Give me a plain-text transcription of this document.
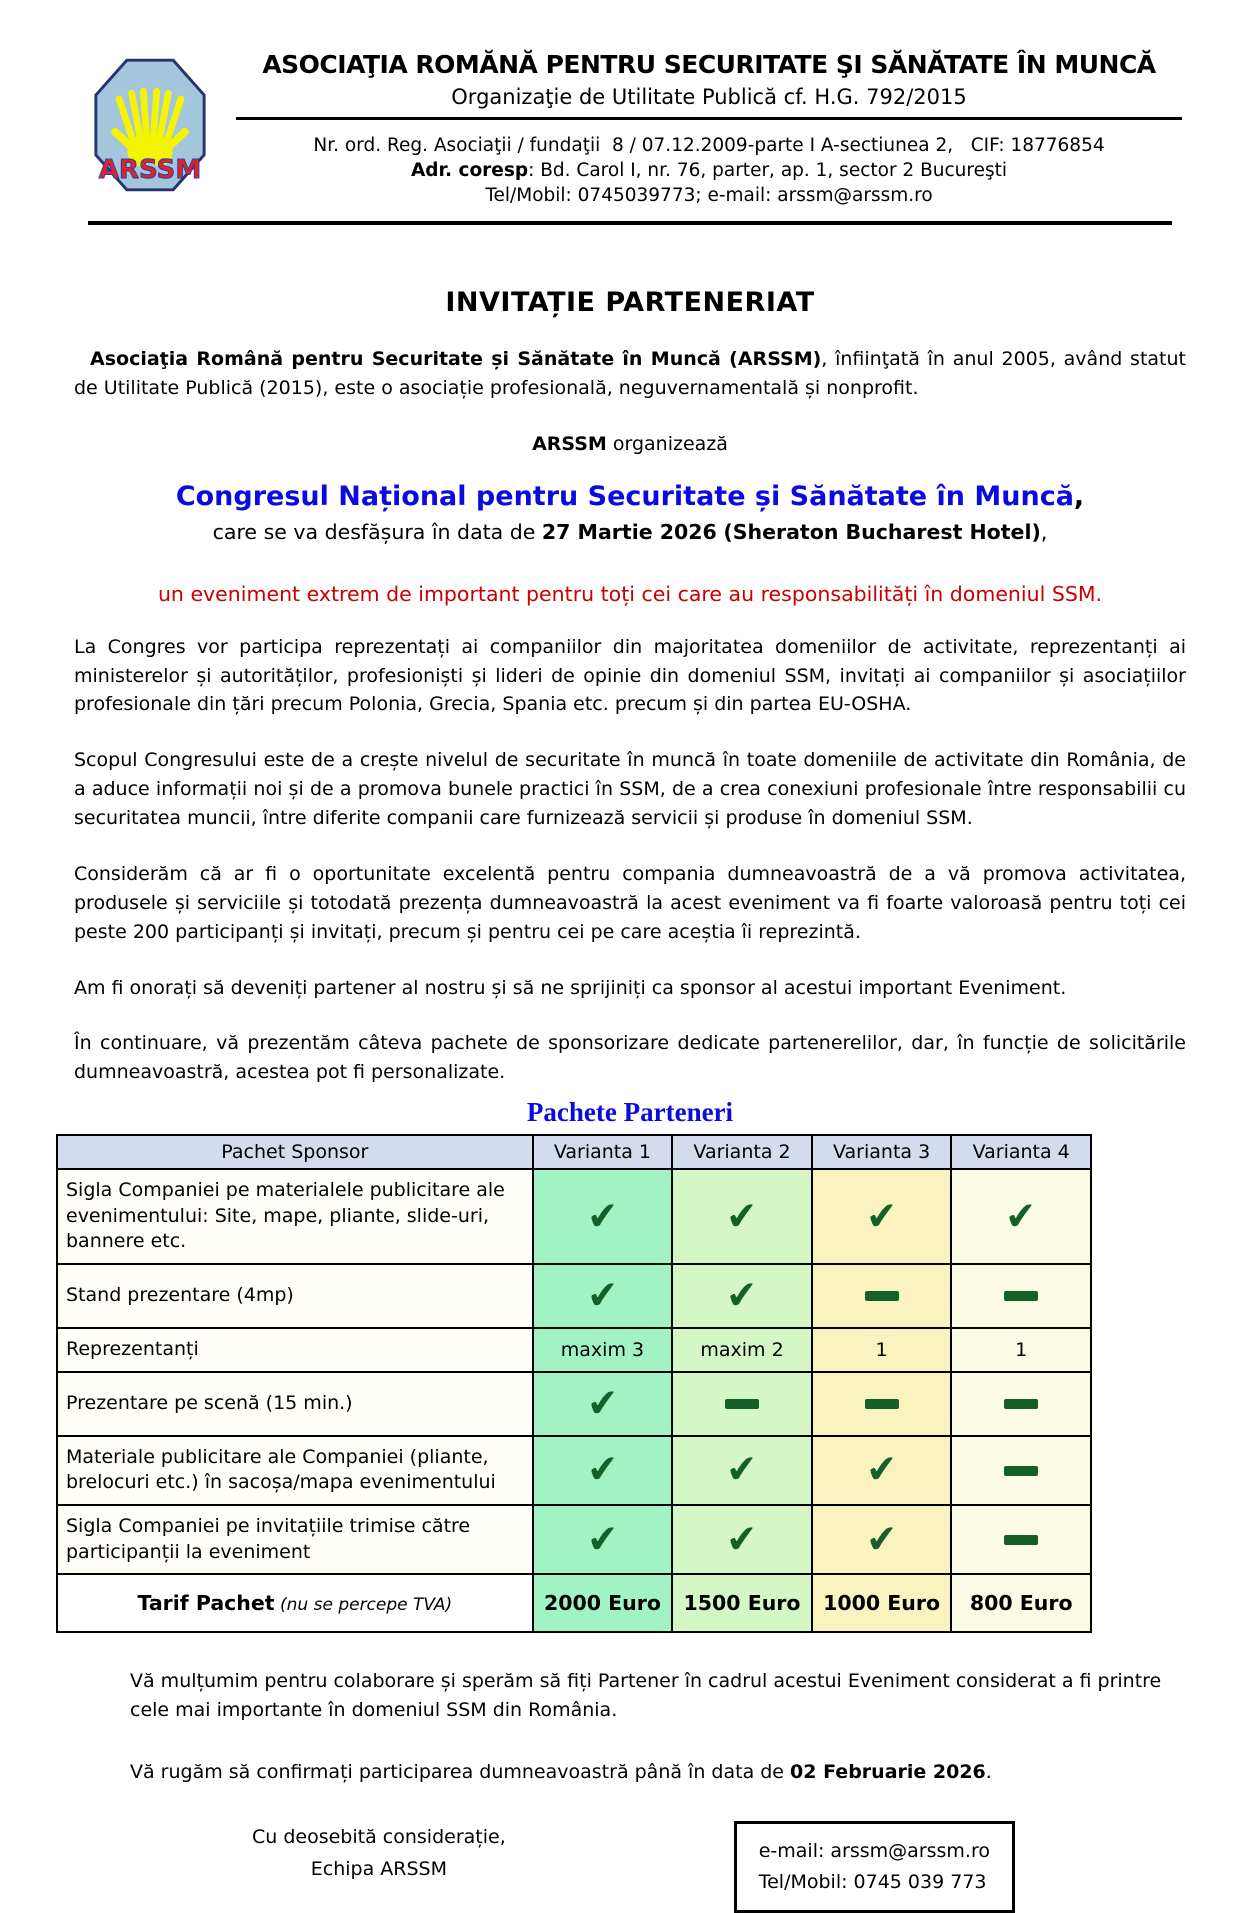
ARSSM
ASOCIAŢIA ROMĂNĂ PENTRU SECURITATE ŞI SĂNĂTATE ÎN MUNCĂ
Organizaţie de Utilitate Publică cf. H.G. 792/2015
Nr. ord. Reg. Asociaţii / fundaţii  8 / 07.12.2009-parte I A-sectiunea 2,   CIF: 18776854
Adr. coresp: Bd. Carol I, nr. 76, parter, ap. 1, sector 2 Bucureşti
Tel/Mobil: 0745039773; e-mail: arssm@arssm.ro
INVITAȚIE PARTENERIAT

Asociaţia Română pentru Securitate și Sănătate în Muncă (ARSSM), înfiinţată în anul 2005, având statut de Utilitate Publică (2015), este o asociație profesională, neguvernamentală și nonprofit.

ARSSM organizează
Congresul Național pentru Securitate și Sănătate în Muncă,
care se va desfășura în data de 27 Martie 2026 (Sheraton Bucharest Hotel),
un eveniment extrem de important pentru toți cei care au responsabilități în domeniul SSM.

La Congres vor participa reprezentați ai companiilor din majoritatea domeniilor de activitate, reprezentanți ai ministerelor și autorităților, profesioniști și lideri de opinie din domeniul SSM, invitați ai companiilor și asociațiilor profesionale din țări precum Polonia, Grecia, Spania etc. precum și din partea EU-OSHA.

Scopul Congresului este de a crește nivelul de securitate în muncă în toate domeniile de activitate din România, de a aduce informații noi și de a promova bunele practici în SSM, de a crea conexiuni profesionale între responsabilii cu securitatea muncii, între diferite companii care furnizează servicii și produse în domeniul SSM.

Considerăm că ar fi o oportunitate excelentă pentru compania dumneavoastră de a vă promova activitatea, produsele și serviciile și totodată prezența dumneavoastră la acest eveniment va fi foarte valoroasă pentru toți cei peste 200 participanți și invitați, precum și pentru cei pe care aceștia îi reprezintă.

Am fi onorați să deveniți partener al nostru și să ne sprijiniți ca sponsor al acestui important Eveniment.

În continuare, vă prezentăm câteva pachete de sponsorizare dedicate partenerelilor, dar, în funcție de solicitările dumneavoastră, acestea pot fi personalizate.

Pachete Parteneri
Pachet Sponsor	Varianta 1	Varianta 2	Varianta 3	Varianta 4
Sigla Companiei pe materialele publicitare ale evenimentului: Site, mape, pliante, slide-uri, bannere etc.	✔	✔	✔	✔
Stand prezentare (4mp)	✔	✔		
Reprezentanți	maxim 3	maxim 2	1	1
Prezentare pe scenă (15 min.)	✔			
Materiale publicitare ale Companiei (pliante, brelocuri etc.) în sacoșa/mapa evenimentului	✔	✔	✔	
Sigla Companiei pe invitațiile trimise către participanții la eveniment	✔	✔	✔	
Tarif Pachet (nu se percepe TVA)	2000 Euro	1500 Euro	1000 Euro	800 Euro

Vă mulțumim pentru colaborare și sperăm să fiți Partener în cadrul acestui Eveniment considerat a fi printre cele mai importante în domeniul SSM din România.

Vă rugăm să confirmați participarea dumneavoastră până în data de 02 Februarie 2026.

Cu deosebită considerație,
Echipa ARSSM
e-mail: arssm@arssm.ro
Tel/Mobil: 0745 039 773
